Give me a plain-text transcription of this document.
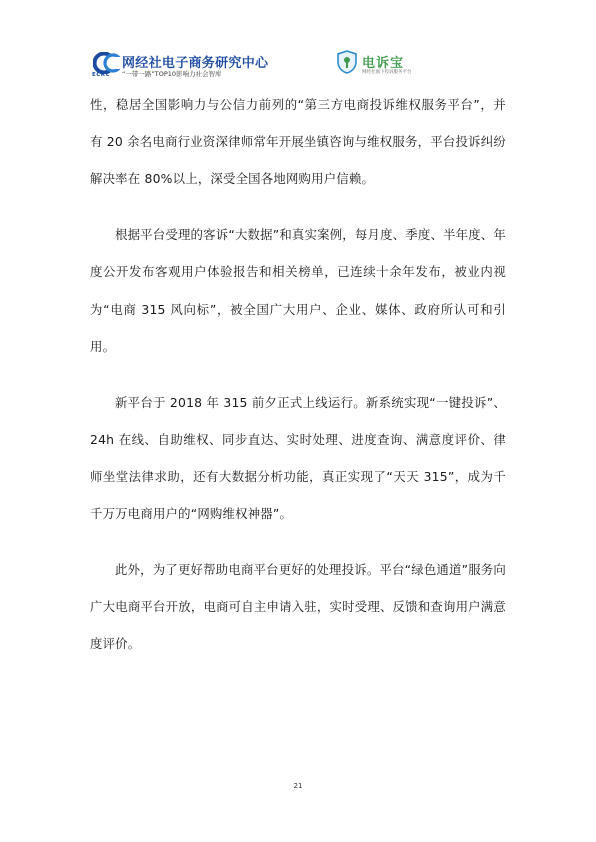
ECRC
网经社电子商务研究中心
“一带一路”TOP10影响力社会智库
电诉宝
网经社旗下投诉服务平台

性，稳居全国影响力与公信力前列的“第三方电商投诉维权服务平台”，并有 20 余名电商行业资深律师常年开展坐镇咨询与维权服务，平台投诉纠纷解决率在 80%以上，深受全国各地网购用户信赖。

根据平台受理的客诉“大数据”和真实案例，每月度、季度、半年度、年度公开发布客观用户体验报告和相关榜单，已连续十余年发布，被业内视为“电商 315 风向标”，被全国广大用户、企业、媒体、政府所认可和引用。

新平台于 2018 年 315 前夕正式上线运行。新系统实现“一键投诉”、24h 在线、自助维权、同步直达、实时处理、进度查询、满意度评价、律师坐堂法律求助，还有大数据分析功能，真正实现了“天天 315”，成为千千万万电商用户的“网购维权神器”。

此外，为了更好帮助电商平台更好的处理投诉。平台“绿色通道”服务向广大电商平台开放，电商可自主申请入驻，实时受理、反馈和查询用户满意度评价。

21
